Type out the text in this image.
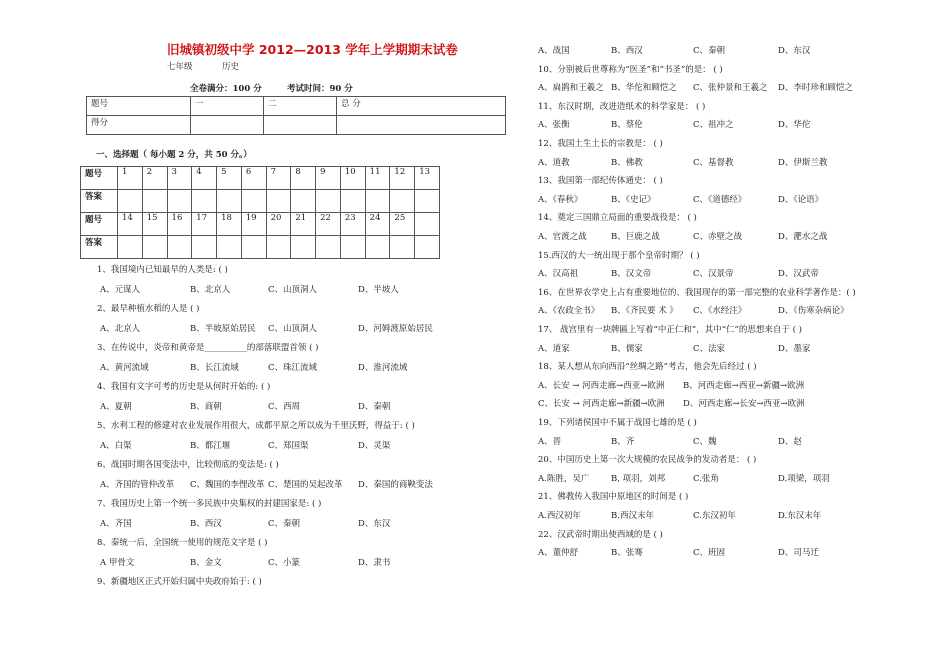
旧城镇初级中学 2012—2013 学年上学期期末试卷
七年级	历史
全卷满分：100 分	考试时间：90 分
题号	一	二	总 分
得分			
一、选择题（ 每小题 2 分，共 50 分。）
题号	1	2	3	4	5	6	7	8	9	10	11	12	13
答案													
题号	14	15	16	17	18	19	20	21	22	23	24	25	
答案													
1、我国境内已知最早的人类是: ( )
A、元谋人	B、北京人	C、山顶洞人	D、半坡人
2、最早种植水稻的人是 ( )
A、北京人	B、半坡原始居民 C、山顶洞人	D、河姆渡原始居民
3、在传说中，炎帝和黄帝是__________的部落联盟首领 ( )
A、黄河流域	B、长江流域	C、珠江流域	D、淮河流域
4、我国有文字可考的历史是从何时开始的: ( )
A、夏朝	B、商朝	C、西周	D、秦朝
5、水利工程的修建对农业发展作用很大，成都平原之所以成为千里沃野，得益于: ( )
A、白渠	B、都江堰	C、郑国渠	D、灵渠
6、战国时期各国变法中，比较彻底的变法是: ( )
A、齐国的管仲改革 C、魏国的李悝改革 C、楚国的吴起改革 D、秦国的商鞅变法
7、我国历史上第一个统一多民族中央集权的封建国家是: ( )
A、齐国	B、西汉	C、秦朝	D、东汉
8、秦统一后，全国统一使用的规范文字是 ( )
A 甲骨文	B、金文	C、小篆	D、隶书
9、新疆地区正式开始归属中央政府始于: ( )
A、战国	B、西汉	C、秦朝	D、东汉
10、分别被后世尊称为“医圣”和“书圣”的是： ( )
A、扁鹊和王羲之 B、华佗和顾恺之 C、张仲景和王羲之 D、李时珍和顾恺之
11、东汉时期，改进造纸术的科学家是： ( )
A、张衡	B、蔡伦	C、祖冲之	D、华佗
12、我国土生土长的宗教是： ( )
A、道教	B、佛教	C、基督教	D、伊斯兰教
13、我国第一部纪传体通史： ( )
A、《春秋》	B、《史记》	C、《道德经》	D、《论语》
14、奠定三国鼎立局面的重要战役是： ( )
A、官渡之战	B、巨鹿之战	C、赤壁之战	D、淝水之战
15.西汉的大一统出现于那个皇帝时期？ ( )
A、汉高祖	B、汉文帝	C、汉景帝	D、汉武帝
16、在世界农学史上占有重要地位的、我国现存的第一部完整的农业科学著作是：( )
A、《农政全书》 B、《齐民要 术 》 C、《水经注》	D、《伤寒杂病论》
17、 战宫里有一块牌匾上写着“中正仁和”，其中“仁”的思想来自于 ( )
A、道家	B、儒家	C、法家	D、墨家
18、某人想从东向西沿“丝绸之路”考古，他会先后经过 ( )
A、长安 → 河西走廊→西亚→欧洲 B、河西走廊→西亚→新疆→欧洲
C、长安 → 河西走廊→新疆→欧洲 D、河西走廊→长安→西亚→欧洲
19、下列诸侯国中不属于战国七雄的是 ( )
A、晋	B、齐	C、魏	D、赵
20、中国历史上第一次大规模的农民战争的发动者是： ( )
A.陈胜，吴广	B, 项羽，刘邦	C.张角	D.项梁，项羽
21、佛教传入我国中原地区的时间是 ( )
A.西汉初年	B.西汉末年	C.东汉初年	D.东汉末年
22、汉武帝时期出使西域的是 ( )
A、董仲舒	B、张骞	C、班固	D、司马迁
